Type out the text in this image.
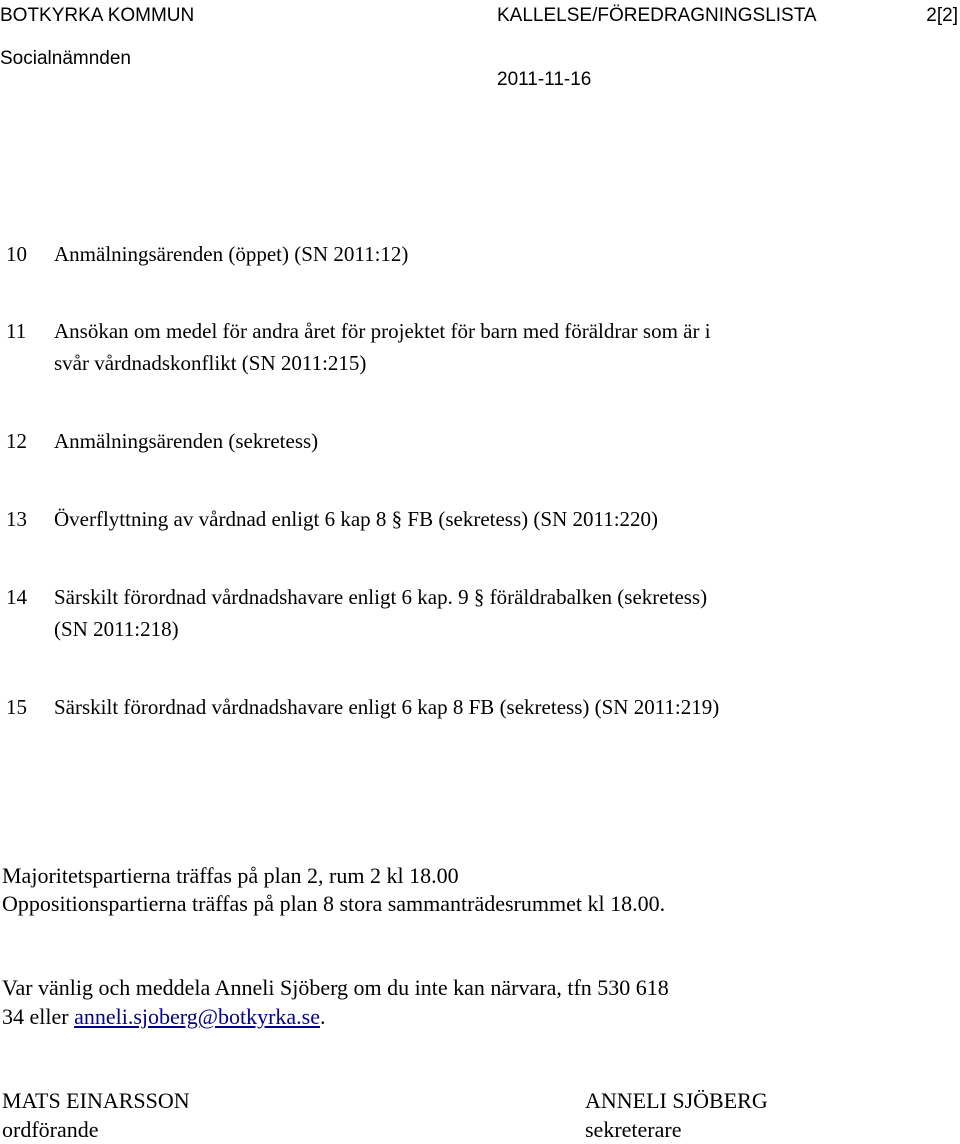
BOTKYRKA KOMMUN	KALLELSE/FÖREDRAGNINGSLISTA	2[2]
Socialnämnden
2011-11-16
10 Anmälningsärenden (öppet) (SN 2011:12)
11 Ansökan om medel för andra året för projektet för barn med föräldrar som är i
svår vårdnadskonflikt (SN 2011:215)
12 Anmälningsärenden (sekretess)
13 Överflyttning av vårdnad enligt 6 kap 8 § FB (sekretess) (SN 2011:220)
14 Särskilt förordnad vårdnadshavare enligt 6 kap. 9 § föräldrabalken (sekretess)
(SN 2011:218)
15 Särskilt förordnad vårdnadshavare enligt 6 kap 8 FB (sekretess) (SN 2011:219)
Majoritetspartierna träffas på plan 2, rum 2 kl 18.00
Oppositionspartierna träffas på plan 8 stora sammanträdesrummet kl 18.00.
Var vänlig och meddela Anneli Sjöberg om du inte kan närvara, tfn 530 618
34 eller anneli.sjoberg@botkyrka.se.
MATS EINARSSON
ordförande
ANNELI SJÖBERG
sekreterare
